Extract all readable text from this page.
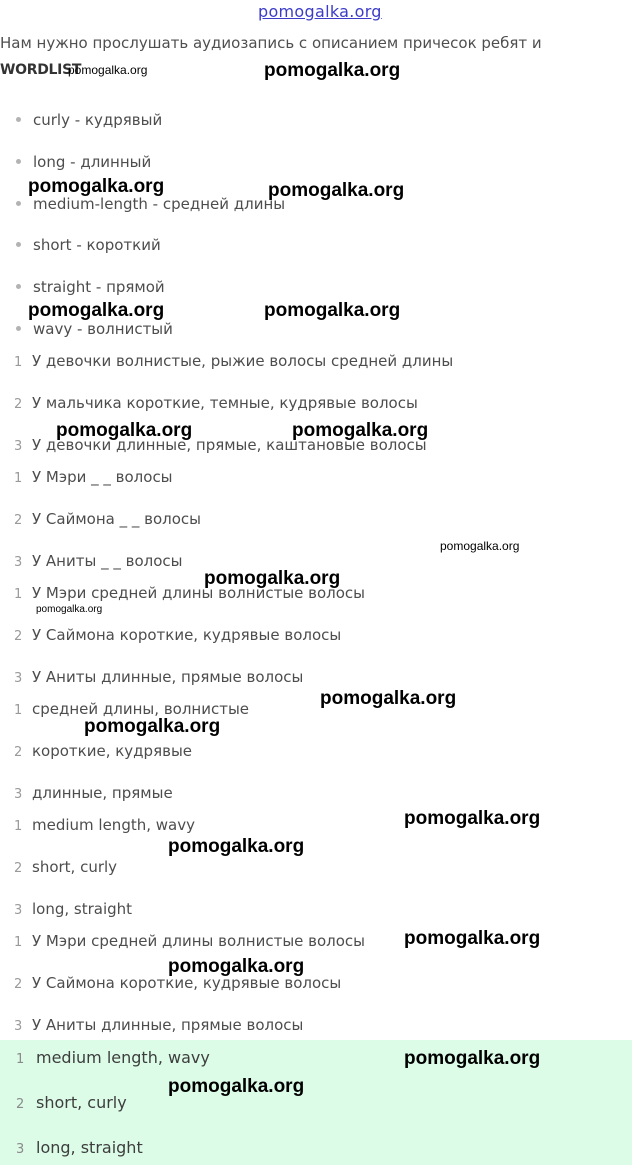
pomogalka.org
Нам нужно прослушать аудиозапись с описанием причесок ребят и
WORDLIST
curly - кудрявый
long - длинный
medium-length - средней длины
short - короткий
straight - прямой
wavy - волнистый
1 У девочки волнистые, рыжие волосы средней длины
2 У мальчика короткие, темные, кудрявые волосы
3 У девочки длинные, прямые, каштановые волосы
1 У Мэри _ _ волосы
2 У Саймона _ _ волосы
3 У Аниты _ _ волосы
1 У Мэри средней длины волнистые волосы
2 У Саймона короткие, кудрявые волосы
3 У Аниты длинные, прямые волосы
1 средней длины, волнистые
2 короткие, кудрявые
3 длинные, прямые
1 medium length, wavy
2 short, curly
3 long, straight
1 У Мэри средней длины волнистые волосы
2 У Саймона короткие, кудрявые волосы
3 У Аниты длинные, прямые волосы
1 medium length, wavy
2 short, curly
3 long, straight
pomogalka.org	pomogalka.org
pomogalka.org	pomogalka.org
pomogalka.org	pomogalka.org
pomogalka.org	pomogalka.org
pomogalka.org
pomogalka.org
pomogalka.org
pomogalka.org
pomogalka.org
pomogalka.org
pomogalka.org
pomogalka.org
pomogalka.org
pomogalka.org
pomogalka.org
